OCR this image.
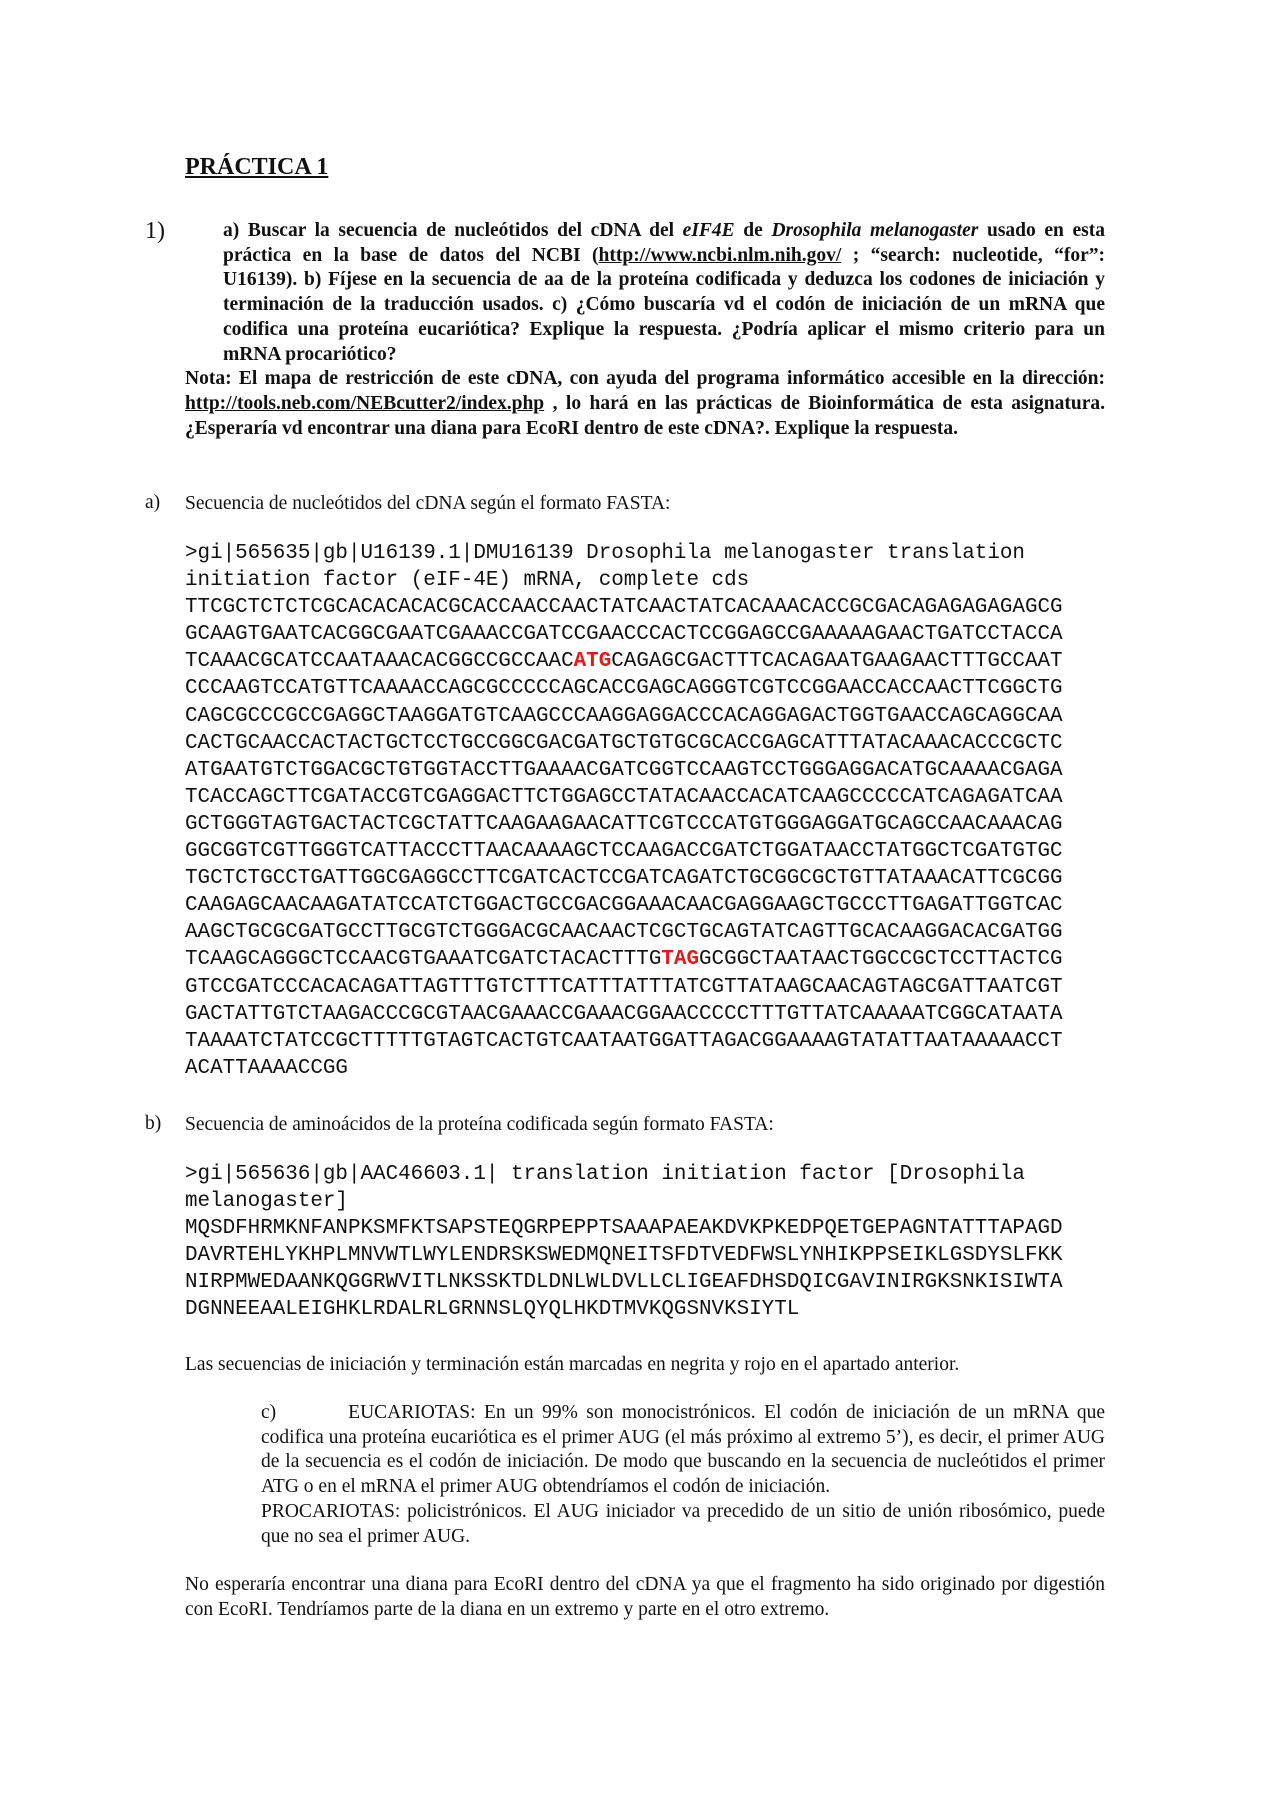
PRÁCTICA 1
1)	a) Buscar la secuencia de nucleótidos del cDNA del eIF4E de Drosophila melanogaster usado en esta práctica en la base de datos del NCBI (http://www.ncbi.nlm.nih.gov/ ; “search: nucleotide, “for”: U16139). b) Fíjese en la secuencia de aa de la proteína codificada y deduzca los codones de iniciación y terminación de la traducción usados. c) ¿Cómo buscaría vd el codón de iniciación de un mRNA que codifica una proteína eucariótica? Explique la respuesta. ¿Podría aplicar el mismo criterio para un mRNA procariótico?
Nota: El mapa de restricción de este cDNA, con ayuda del programa informático accesible en la dirección: http://tools.neb.com/NEBcutter2/index.php , lo hará en las prácticas de Bioinformática de esta asignatura. ¿Esperaría vd encontrar una diana para EcoRI dentro de este cDNA?. Explique la respuesta.
a) Secuencia de nucleótidos del cDNA según el formato FASTA:
>gi|565635|gb|U16139.1|DMU16139 Drosophila melanogaster translation
initiation factor (eIF-4E) mRNA, complete cds
TTCGCTCTCTCGCACACACACGCACCAACCAACTATCAACTATCACAAACACCGCGACAGAGAGAGAGCG
GCAAGTGAATCACGGCGAATCGAAACCGATCCGAACCCACTCCGGAGCCGAAAAAGAACTGATCCTACCA
TCAAACGCATCCAATAAACACGGCCGCCAACATGCAGAGCGACTTTCACAGAATGAAGAACTTTGCCAAT
CCCAAGTCCATGTTCAAAACCAGCGCCCCCAGCACCGAGCAGGGTCGTCCGGAACCACCAACTTCGGCTG
CAGCGCCCGCCGAGGCTAAGGATGTCAAGCCCAAGGAGGACCCACAGGAGACTGGTGAACCAGCAGGCAA
CACTGCAACCACTACTGCTCCTGCCGGCGACGATGCTGTGCGCACCGAGCATTTATACAAACACCCGCTC
ATGAATGTCTGGACGCTGTGGTACCTTGAAAACGATCGGTCCAAGTCCTGGGAGGACATGCAAAACGAGA
TCACCAGCTTCGATACCGTCGAGGACTTCTGGAGCCTATACAACCACATCAAGCCCCCATCAGAGATCAA
GCTGGGTAGTGACTACTCGCTATTCAAGAAGAACATTCGTCCCATGTGGGAGGATGCAGCCAACAAACAG
GGCGGTCGTTGGGTCATTACCCTTAACAAAAGCTCCAAGACCGATCTGGATAACCTATGGCTCGATGTGC
TGCTCTGCCTGATTGGCGAGGCCTTCGATCACTCCGATCAGATCTGCGGCGCTGTTATAAACATTCGCGG
CAAGAGCAACAAGATATCCATCTGGACTGCCGACGGAAACAACGAGGAAGCTGCCCTTGAGATTGGTCAC
AAGCTGCGCGATGCCTTGCGTCTGGGACGCAACAACTCGCTGCAGTATCAGTTGCACAAGGACACGATGG
TCAAGCAGGGCTCCAACGTGAAATCGATCTACACTTTGTAGGCGGCTAATAACTGGCCGCTCCTTACTCG
GTCCGATCCCACACAGATTAGTTTGTCTTTCATTTATTTATCGTTATAAGCAACAGTAGCGATTAATCGT
GACTATTGTCTAAGACCCGCGTAACGAAACCGAAACGGAACCCCCTTTGTTATCAAAAATCGGCATAATA
TAAAATCTATCCGCTTTTTGTAGTCACTGTCAATAATGGATTAGACGGAAAAGTATATTAATAAAAACCT
ACATTAAAACCGG
b) Secuencia de aminoácidos de la proteína codificada según formato FASTA:
>gi|565636|gb|AAC46603.1| translation initiation factor [Drosophila
melanogaster]
MQSDFHRMKNFANPKSMFKTSAPSTEQGRPEPPTSAAAPAEAKDVKPKEDPQETGEPAGNTATTTAPAGD
DAVRTEHLYKHPLMNVWTLWYLENDRSKSWEDMQNEITSFDTVEDFWSLYNHIKPPSEIKLGSDYSLFKK
NIRPMWEDAANKQGGRWVITLNKSSKTDLDNLWLDVLLCLIGEAFDHSDQICGAVINIRGKSNKISIWTA
DGNNEEAALEIGHKLRDALRLGRNNSLQYQLHKDTMVKQGSNVKSIYTL
Las secuencias de iniciación y terminación están marcadas en negrita y rojo en el apartado anterior.
c)	EUCARIOTAS: En un 99% son monocistrónicos. El codón de iniciación de un mRNA que codifica una proteína eucariótica es el primer AUG (el más próximo al extremo 5’), es decir, el primer AUG de la secuencia es el codón de iniciación. De modo que buscando en la secuencia de nucleótidos el primer ATG o en el mRNA el primer AUG obtendríamos el codón de iniciación.
PROCARIOTAS: policistrónicos. El AUG iniciador va precedido de un sitio de unión ribosómico, puede que no sea el primer AUG.
No esperaría encontrar una diana para EcoRI dentro del cDNA ya que el fragmento ha sido originado por digestión con EcoRI. Tendríamos parte de la diana en un extremo y parte en el otro extremo.
